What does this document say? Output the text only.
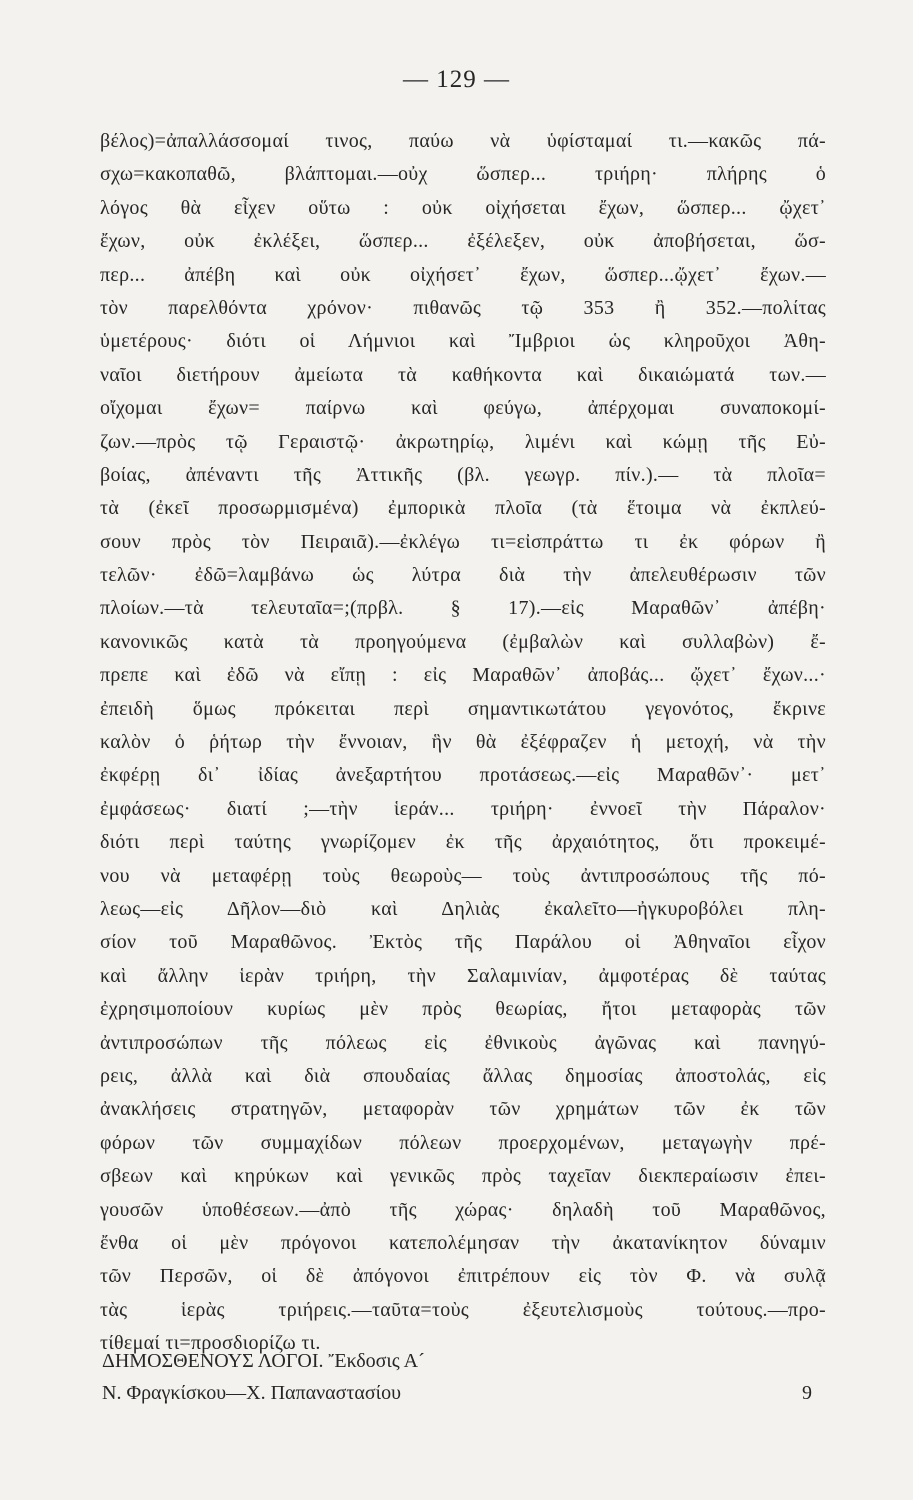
— 129 —
βέλος)=ἀπαλλάσσομαί τινος, παύω νὰ ὑφίσταμαί τι.—κακῶς πά-
σχω=κακοπαθῶ, βλάπτομαι.—οὐχ ὥσπερ... τριήρη· πλήρης ὁ
λόγος θὰ εἶχεν οὕτω : οὐκ οἰχήσεται ἔχων, ὥσπερ... ᾤχετ᾽
ἔχων, οὐκ ἐκλέξει, ὥσπερ... ἐξέλεξεν, οὐκ ἀποβήσεται, ὥσ-
περ... ἀπέβη καὶ οὐκ οἰχήσετ᾽ ἔχων, ὥσπερ...ᾤχετ᾽ ἔχων.—
τὸν παρελθόντα χρόνον· πιθανῶς τῷ 353 ἢ 352.—πολίτας
ὑμετέρους· διότι οἱ Λήμνιοι καὶ Ἴμβριοι ὡς κληροῦχοι Ἀθη-
ναῖοι διετήρουν ἀμείωτα τὰ καθήκοντα καὶ δικαιώματά των.—
οἴχομαι ἔχων= παίρνω καὶ φεύγω, ἀπέρχομαι συναποκομί-
ζων.—πρὸς τῷ Γεραιστῷ· ἀκρωτηρίῳ, λιμένι καὶ κώμῃ τῆς Εὐ-
βοίας, ἀπέναντι τῆς Ἀττικῆς (βλ. γεωγρ. πίν.).— τὰ πλοῖα=
τὰ (ἐκεῖ προσωρμισμένα) ἐμπορικὰ πλοῖα (τὰ ἕτοιμα νὰ ἐκπλεύ-
σουν πρὸς τὸν Πειραιᾶ).—ἐκλέγω τι=εἰσπράττω τι ἐκ φόρων ἢ
τελῶν· ἐδῶ=λαμβάνω ὡς λύτρα διὰ τὴν ἀπελευθέρωσιν τῶν
πλοίων.—τὰ τελευταῖα=;(πρβλ. § 17).—εἰς Μαραθῶν᾽ ἀπέβη·
κανονικῶς κατὰ τὰ προηγούμενα (ἐμβαλὼν καὶ συλλαβὼν) ἔ-
πρεπε καὶ ἐδῶ νὰ εἴπῃ : εἰς Μαραθῶν᾽ ἀποβάς... ᾤχετ᾽ ἔχων...·
ἐπειδὴ ὅμως πρόκειται περὶ σημαντικωτάτου γεγονότος, ἔκρινε
καλὸν ὁ ῥήτωρ τὴν ἔννοιαν, ἣν θὰ ἐξέφραζεν ἡ μετοχή, νὰ τὴν
ἐκφέρῃ δι᾽ ἰδίας ἀνεξαρτήτου προτάσεως.—εἰς Μαραθῶν᾽· μετ᾽
ἐμφάσεως· διατί ;—τὴν ἱεράν... τριήρη· ἐννοεῖ τὴν Πάραλον·
διότι περὶ ταύτης γνωρίζομεν ἐκ τῆς ἀρχαιότητος, ὅτι προκειμέ-
νου νὰ μεταφέρῃ τοὺς θεωροὺς— τοὺς ἀντιπροσώπους τῆς πό-
λεως—εἰς Δῆλον—διὸ καὶ Δηλιὰς ἐκαλεῖτο—ἠγκυροβόλει πλη-
σίον τοῦ Μαραθῶνος. Ἐκτὸς τῆς Παράλου οἱ Ἀθηναῖοι εἶχον
καὶ ἄλλην ἱερὰν τριήρη, τὴν Σαλαμινίαν, ἀμφοτέρας δὲ ταύτας
ἐχρησιμοποίουν κυρίως μὲν πρὸς θεωρίας, ἤτοι μεταφορὰς τῶν
ἀντιπροσώπων τῆς πόλεως εἰς ἐθνικοὺς ἀγῶνας καὶ πανηγύ-
ρεις, ἀλλὰ καὶ διὰ σπουδαίας ἄλλας δημοσίας ἀποστολάς, εἰς
ἀνακλήσεις στρατηγῶν, μεταφορὰν τῶν χρημάτων τῶν ἐκ τῶν
φόρων τῶν συμμαχίδων πόλεων προερχομένων, μεταγωγὴν πρέ-
σβεων καὶ κηρύκων καὶ γενικῶς πρὸς ταχεῖαν διεκπεραίωσιν ἐπει-
γουσῶν ὑποθέσεων.—ἀπὸ τῆς χώρας· δηλαδὴ τοῦ Μαραθῶνος,
ἔνθα οἱ μὲν πρόγονοι κατεπολέμησαν τὴν ἀκατανίκητον δύναμιν
τῶν Περσῶν, οἱ δὲ ἀπόγονοι ἐπιτρέπουν εἰς τὸν Φ. νὰ συλᾷ
τὰς ἱερὰς τριήρεις.—ταῦτα=τοὺς ἐξευτελισμοὺς τούτους.—προ-
τίθεμαί τι=προσδιορίζω τι.
ΔΗΜΟΣΘΕΝΟΥΣ ΛΟΓΟΙ. Ἔκδοσις Α´
Ν. Φραγκίσκου—Χ. Παπαναστασίου	9
